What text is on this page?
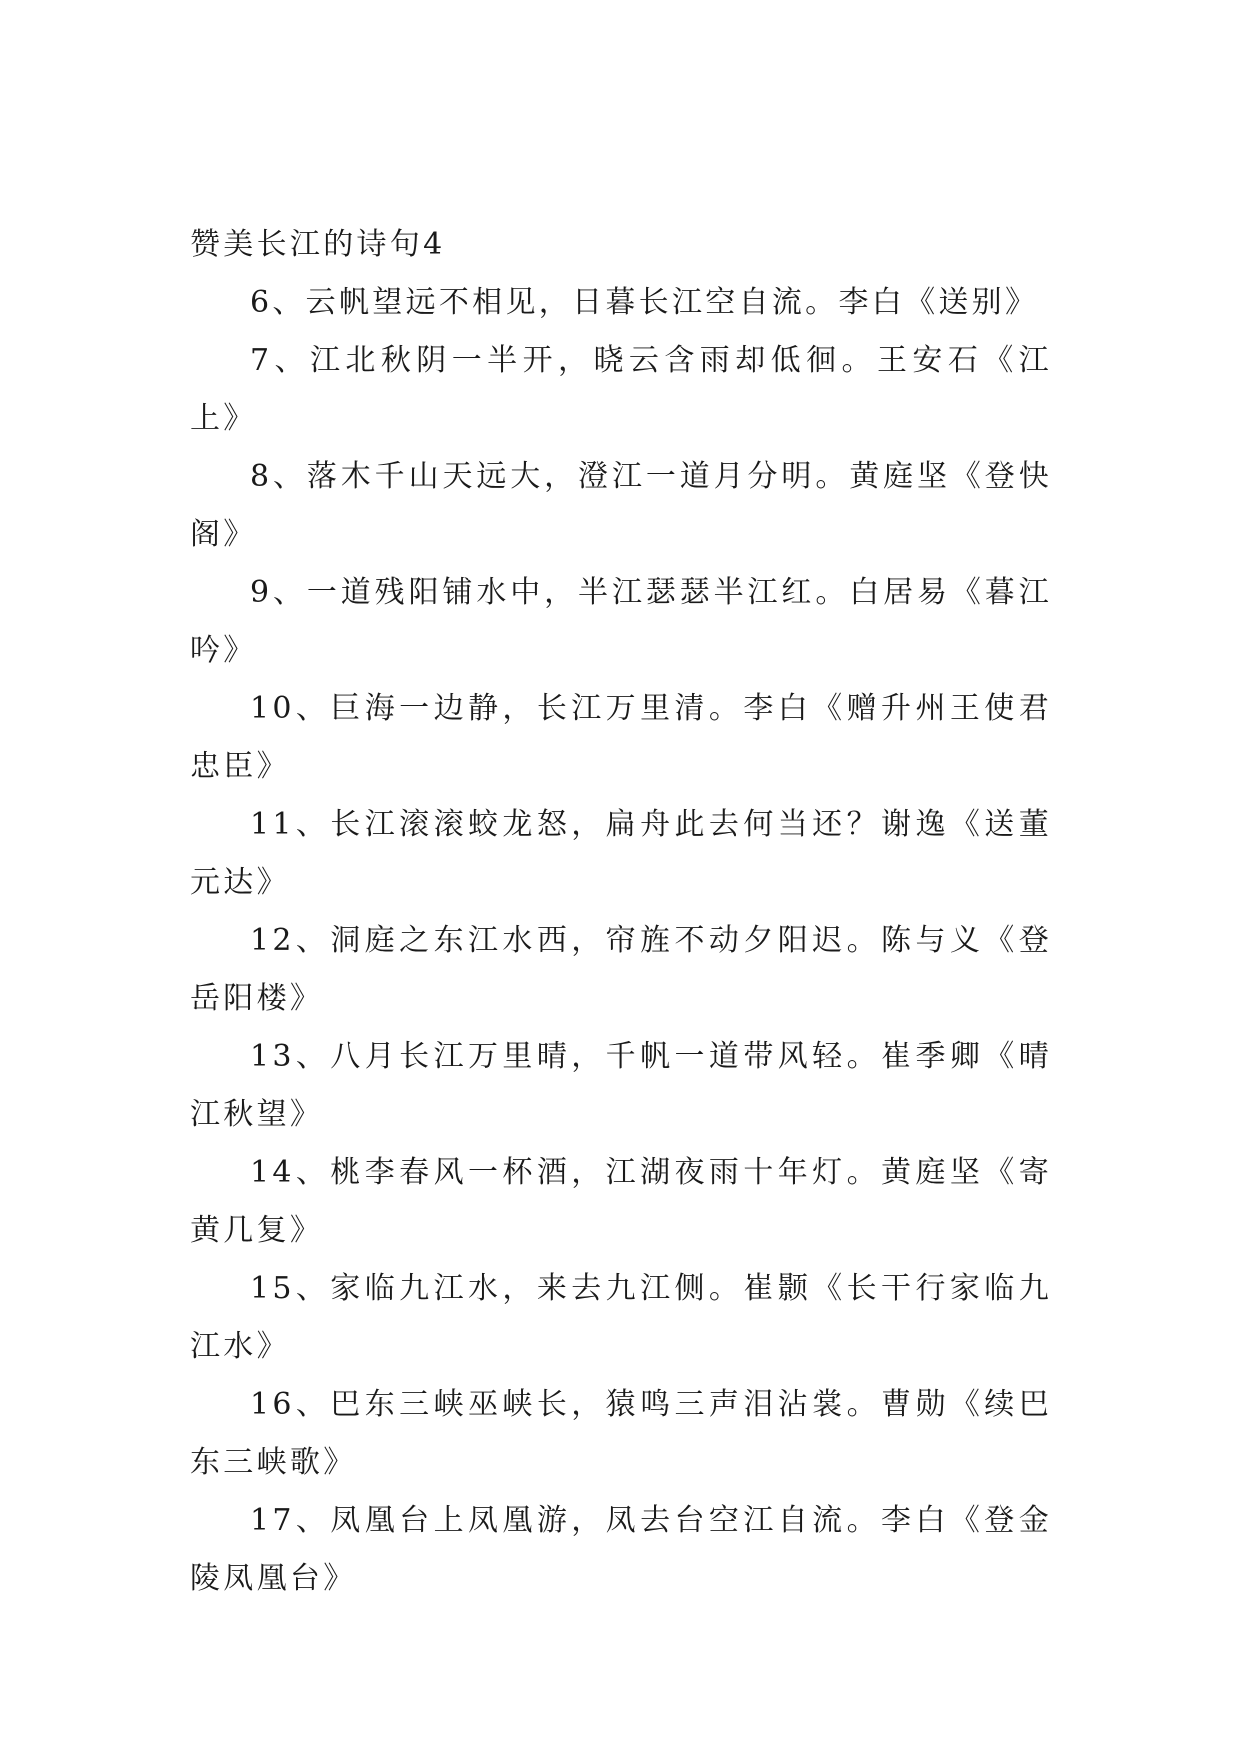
赞美长江的诗句4

6、云帆望远不相见，日暮长江空自流。李白《送别》

7、江北秋阴一半开，晓云含雨却低徊。王安石《江上》

8、落木千山天远大，澄江一道月分明。黄庭坚《登快阁》

9、一道残阳铺水中，半江瑟瑟半江红。白居易《暮江吟》

10、巨海一边静，长江万里清。李白《赠升州王使君忠臣》

11、长江滚滚蛟龙怒，扁舟此去何当还？谢逸《送董元达》

12、洞庭之东江水西，帘旌不动夕阳迟。陈与义《登岳阳楼》

13、八月长江万里晴，千帆一道带风轻。崔季卿《晴江秋望》

14、桃李春风一杯酒，江湖夜雨十年灯。黄庭坚《寄黄几复》

15、家临九江水，来去九江侧。崔颢《长干行家临九江水》

16、巴东三峡巫峡长，猿鸣三声泪沾裳。曹勋《续巴东三峡歌》

17、凤凰台上凤凰游，凤去台空江自流。李白《登金陵凤凰台》
